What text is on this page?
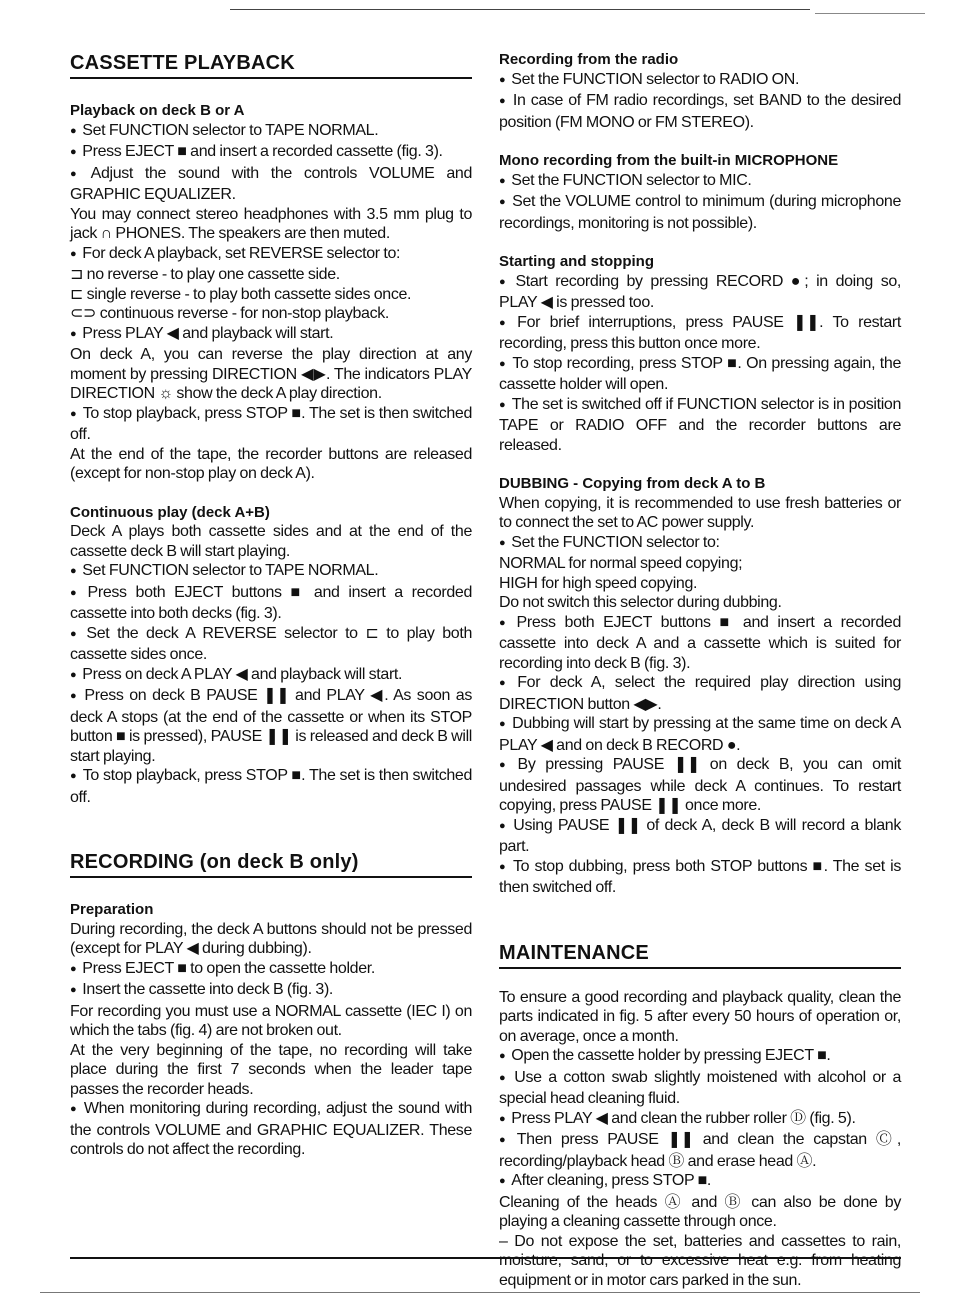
CASSETTE PLAYBACK
Playback on deck B or A

● Set FUNCTION selector to TAPE NORMAL.

● Press EJECT ■ and insert a recorded cassette (fig. 3).

● Adjust the sound with the controls VOLUME and GRAPHIC EQUALIZER.

You may connect stereo headphones with 3.5 mm plug to jack ∩ PHONES. The speakers are then muted.

● For deck A playback, set REVERSE selector to:

⊐ no reverse - to play one cassette side.

⊏ single reverse - to play both cassette sides once.

⊂⊃ continuous reverse - for non-stop playback.

● Press PLAY ◀ and playback will start.

On deck A, you can reverse the play direction at any moment by pressing DIRECTION ◀▶. The indicators PLAY DIRECTION ☼ show the deck A play direction.

● To stop playback, press STOP ■. The set is then switched off.

At the end of the tape, the recorder buttons are released (except for non-stop play on deck A).

Continuous play (deck A+B)

Deck A plays both cassette sides and at the end of the cassette deck B will start playing.

● Set FUNCTION selector to TAPE NORMAL.

● Press both EJECT buttons ■ and insert a recorded cassette into both decks (fig. 3).

● Set the deck A REVERSE selector to ⊏ to play both cassette sides once.

● Press on deck A PLAY ◀ and playback will start.

● Press on deck B PAUSE ❚❚ and PLAY ◀. As soon as deck A stops (at the end of the cassette or when its STOP button ■ is pressed), PAUSE ❚❚ is released and deck B will start playing.

● To stop playback, press STOP ■. The set is then switched off.

RECORDING (on deck B only)
Preparation

During recording, the deck A buttons should not be pressed (except for PLAY ◀ during dubbing).

● Press EJECT ■ to open the cassette holder.

● Insert the cassette into deck B (fig. 3).

For recording you must use a NORMAL cassette (IEC I) on which the tabs (fig. 4) are not broken out.

At the very beginning of the tape, no recording will take place during the first 7 seconds when the leader tape passes the recorder heads.

● When monitoring during recording, adjust the sound with the controls VOLUME and GRAPHIC EQUALIZER. These controls do not affect the recording.

Recording from the radio

● Set the FUNCTION selector to RADIO ON.

● In case of FM radio recordings, set BAND to the desired position (FM MONO or FM STEREO).

Mono recording from the built-in MICROPHONE

● Set the FUNCTION selector to MIC.

● Set the VOLUME control to minimum (during microphone recordings, monitoring is not possible).

Starting and stopping

● Start recording by pressing RECORD ●; in doing so, PLAY ◀ is pressed too.

● For brief interruptions, press PAUSE ❚❚. To restart recording, press this button once more.

● To stop recording, press STOP ■. On pressing again, the cassette holder will open.

● The set is switched off if FUNCTION selector is in position TAPE or RADIO OFF and the recorder buttons are released.

DUBBING - Copying from deck A to B

When copying, it is recommended to use fresh batteries or to connect the set to AC power supply.

● Set the FUNCTION selector to:

NORMAL for normal speed copying;

HIGH for high speed copying.

Do not switch this selector during dubbing.

● Press both EJECT buttons ■ and insert a recorded cassette into deck A and a cassette which is suited for recording into deck B (fig. 3).

● For deck A, select the required play direction using DIRECTION button ◀▶.

● Dubbing will start by pressing at the same time on deck A PLAY ◀ and on deck B RECORD ●.

● By pressing PAUSE ❚❚ on deck B, you can omit undesired passages while deck A continues. To restart copying, press PAUSE ❚❚ once more.

● Using PAUSE ❚❚ of deck A, deck B will record a blank part.

● To stop dubbing, press both STOP buttons ■. The set is then switched off.

MAINTENANCE

To ensure a good recording and playback quality, clean the parts indicated in fig. 5 after every 50 hours of operation or, on average, once a month.

● Open the cassette holder by pressing EJECT ■.

● Use a cotton swab slightly moistened with alcohol or a special head cleaning fluid.

● Press PLAY ◀ and clean the rubber roller Ⓓ (fig. 5).

● Then press PAUSE ❚❚ and clean the capstan Ⓒ, recording/playback head Ⓑ and erase head Ⓐ.

● After cleaning, press STOP ■.

Cleaning of the heads Ⓐ and Ⓑ can also be done by playing a cleaning cassette through once.

– Do not expose the set, batteries and cassettes to rain, moisture, sand, or to excessive heat e.g. from heating equipment or in motor cars parked in the sun.
